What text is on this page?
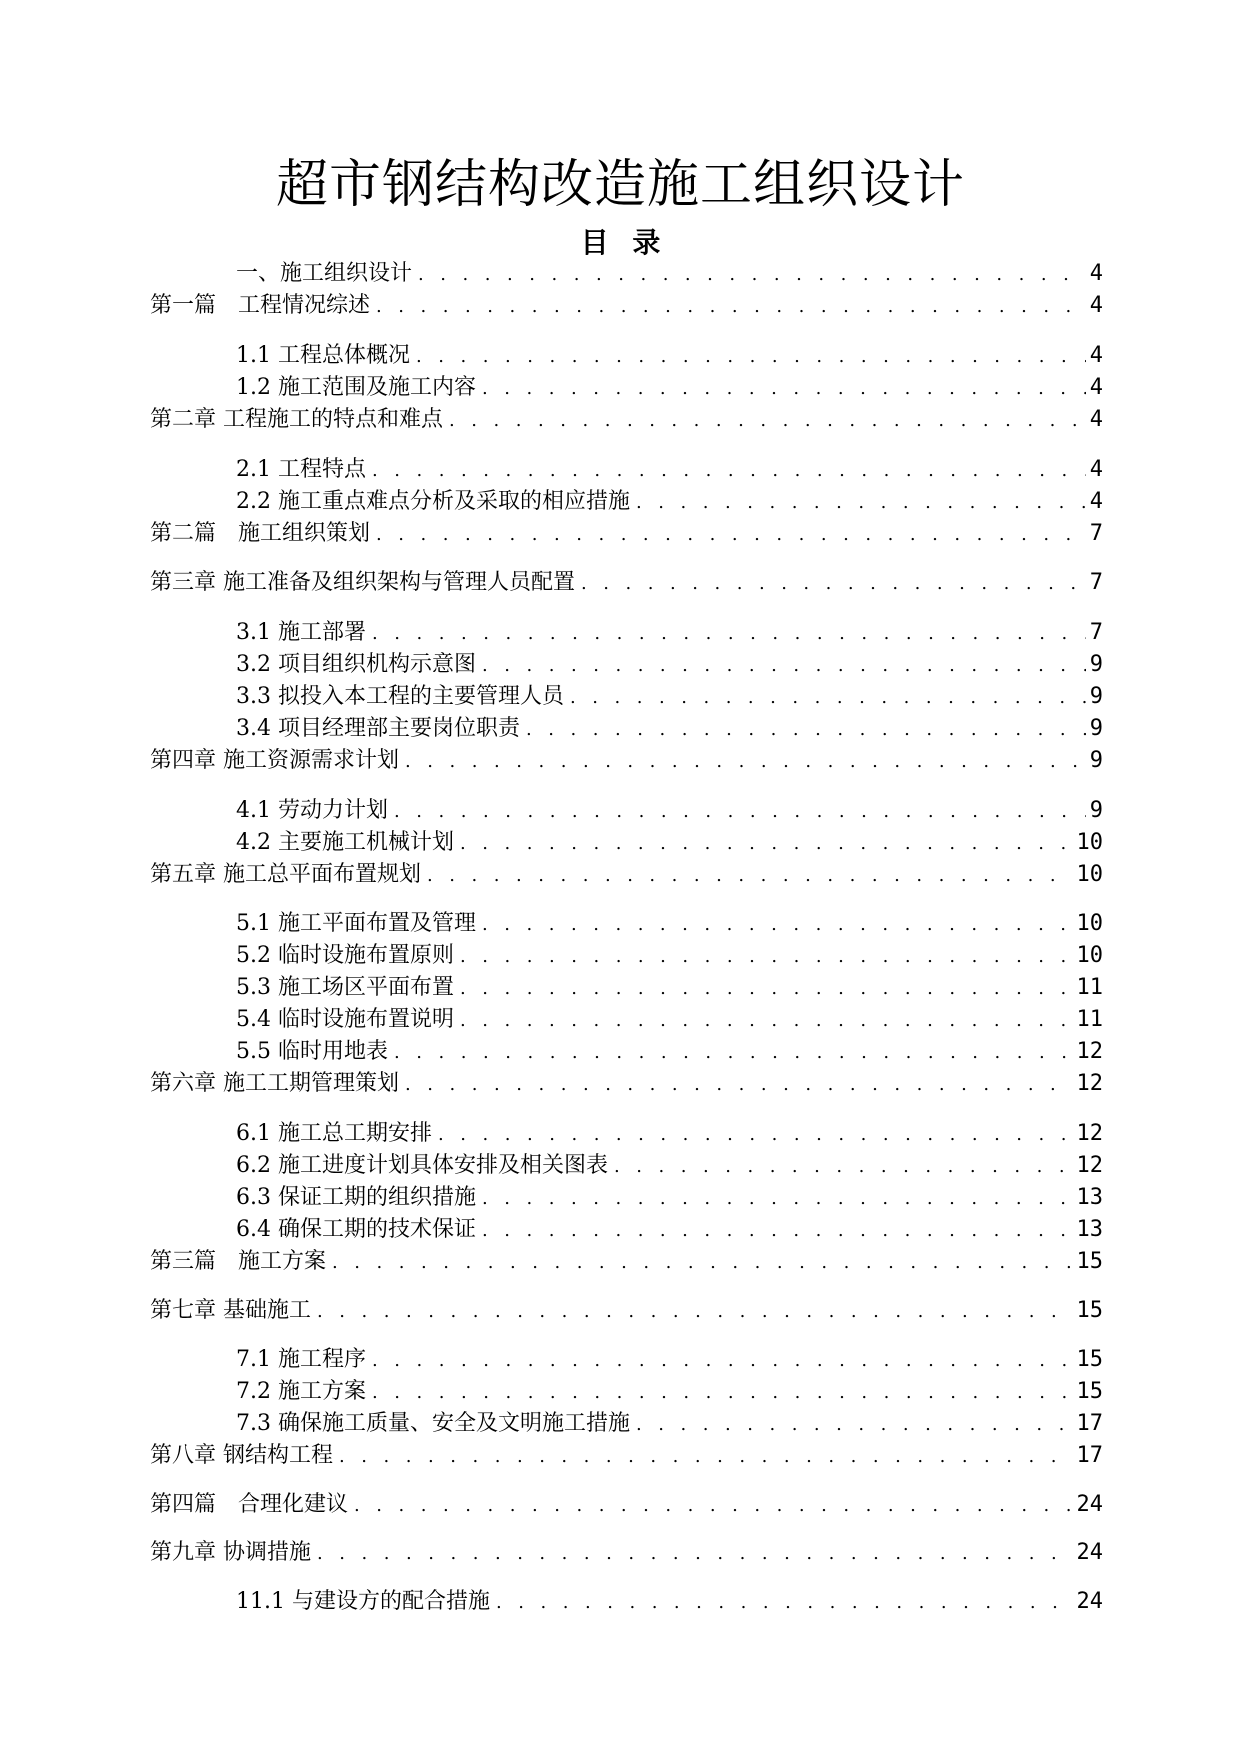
超市钢结构改造施工组织设计
目 录
一、施工组织设计 . . .	4
第一篇　工程情况综述 . . .	4
1.1 工程总体概况 . . .	4
1.2 施工范围及施工内容 . . .	4
第二章 工程施工的特点和难点 . . .	4
2.1 工程特点 . . .	4
2.2 施工重点难点分析及采取的相应措施 . . .	4
第二篇　施工组织策划 . . .	7
第三章 施工准备及组织架构与管理人员配置 . . .	7
3.1 施工部署 . . .	7
3.2 项目组织机构示意图 . . .	9
3.3 拟投入本工程的主要管理人员 . . .	9
3.4 项目经理部主要岗位职责 . . .	9
第四章 施工资源需求计划 . . .	9
4.1 劳动力计划 . . .	9
4.2 主要施工机械计划 . . .	10
第五章 施工总平面布置规划 . . .	10
5.1 施工平面布置及管理 . . .	10
5.2 临时设施布置原则 . . .	10
5.3 施工场区平面布置 . . .	11
5.4 临时设施布置说明 . . .	11
5.5 临时用地表 . . .	12
第六章 施工工期管理策划 . . .	12
6.1 施工总工期安排 . . .	12
6.2 施工进度计划具体安排及相关图表 . . .	12
6.3 保证工期的组织措施 . . .	13
6.4 确保工期的技术保证 . . .	13
第三篇　施工方案 . . .	15
第七章 基础施工 . . .	15
7.1 施工程序 . . .	15
7.2 施工方案 . . .	15
7.3 确保施工质量、安全及文明施工措施 . . .	17
第八章 钢结构工程 . . .	17
第四篇　合理化建议 . . .	24
第九章 协调措施 . . .	24
11.1 与建设方的配合措施 . . .	24
